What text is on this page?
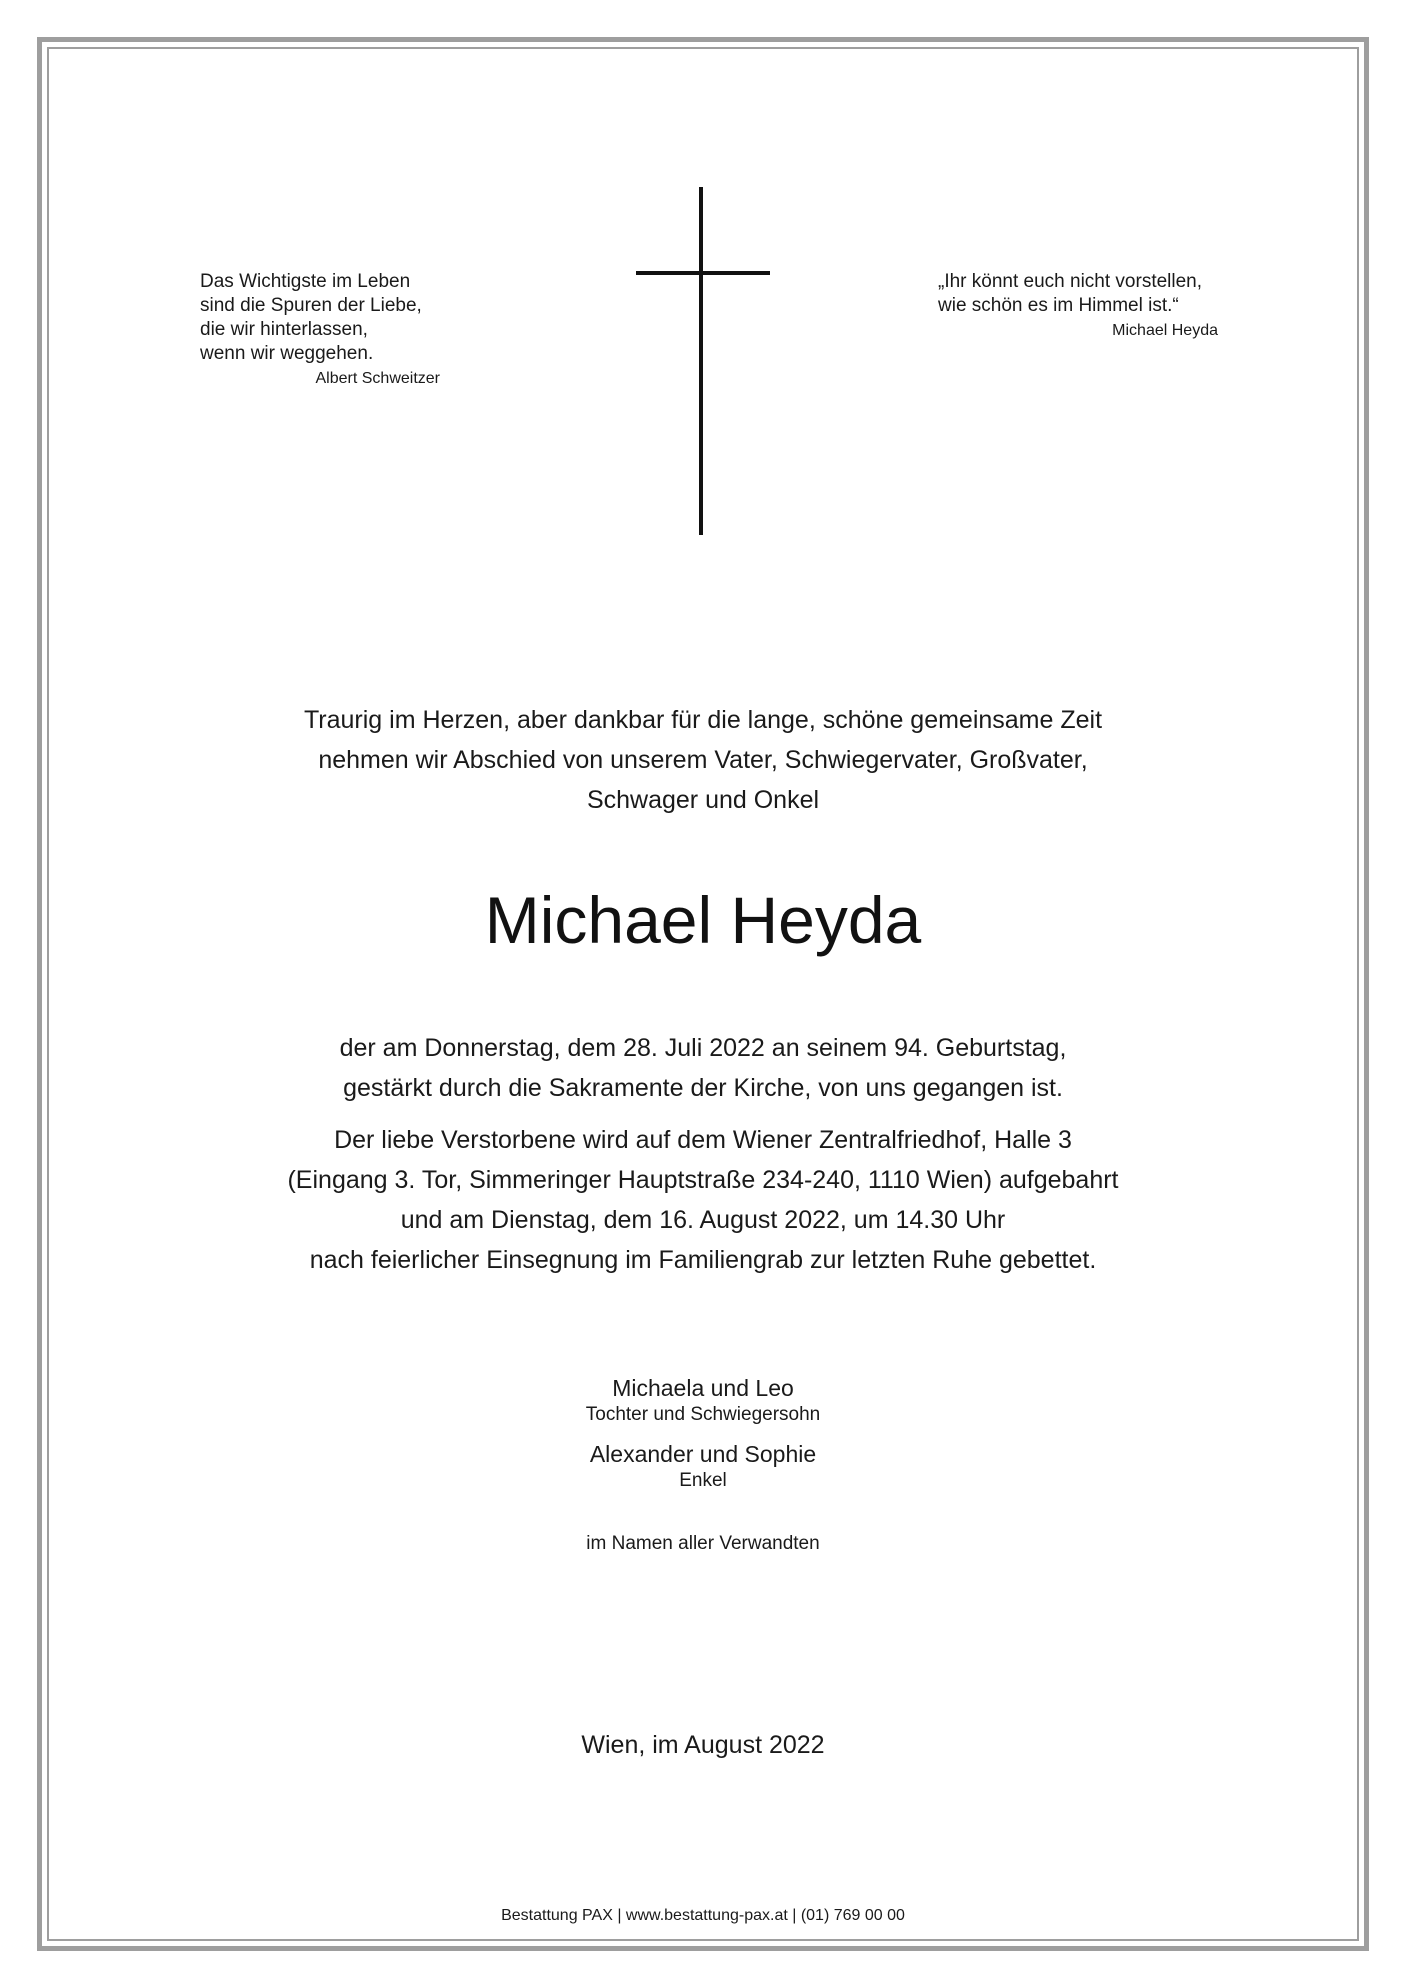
Das Wichtigste im Leben
sind die Spuren der Liebe,
die wir hinterlassen,
wenn wir weggehen.
Albert Schweitzer
„Ihr könnt euch nicht vorstellen,
wie schön es im Himmel ist.“
Michael Heyda
Traurig im Herzen, aber dankbar für die lange, schöne gemeinsame Zeit
nehmen wir Abschied von unserem Vater, Schwiegervater, Großvater,
Schwager und Onkel
Michael Heyda
der am Donnerstag, dem 28. Juli 2022 an seinem 94. Geburtstag,
gestärkt durch die Sakramente der Kirche, von uns gegangen ist.
Der liebe Verstorbene wird auf dem Wiener Zentralfriedhof, Halle 3
(Eingang 3. Tor, Simmeringer Hauptstraße 234-240, 1110 Wien) aufgebahrt
und am Dienstag, dem 16. August 2022, um 14.30 Uhr
nach feierlicher Einsegnung im Familiengrab zur letzten Ruhe gebettet.
Michaela und Leo
Tochter und Schwiegersohn
Alexander und Sophie
Enkel
im Namen aller Verwandten
Wien, im August 2022
Bestattung PAX | www.bestattung-pax.at | (01) 769 00 00
